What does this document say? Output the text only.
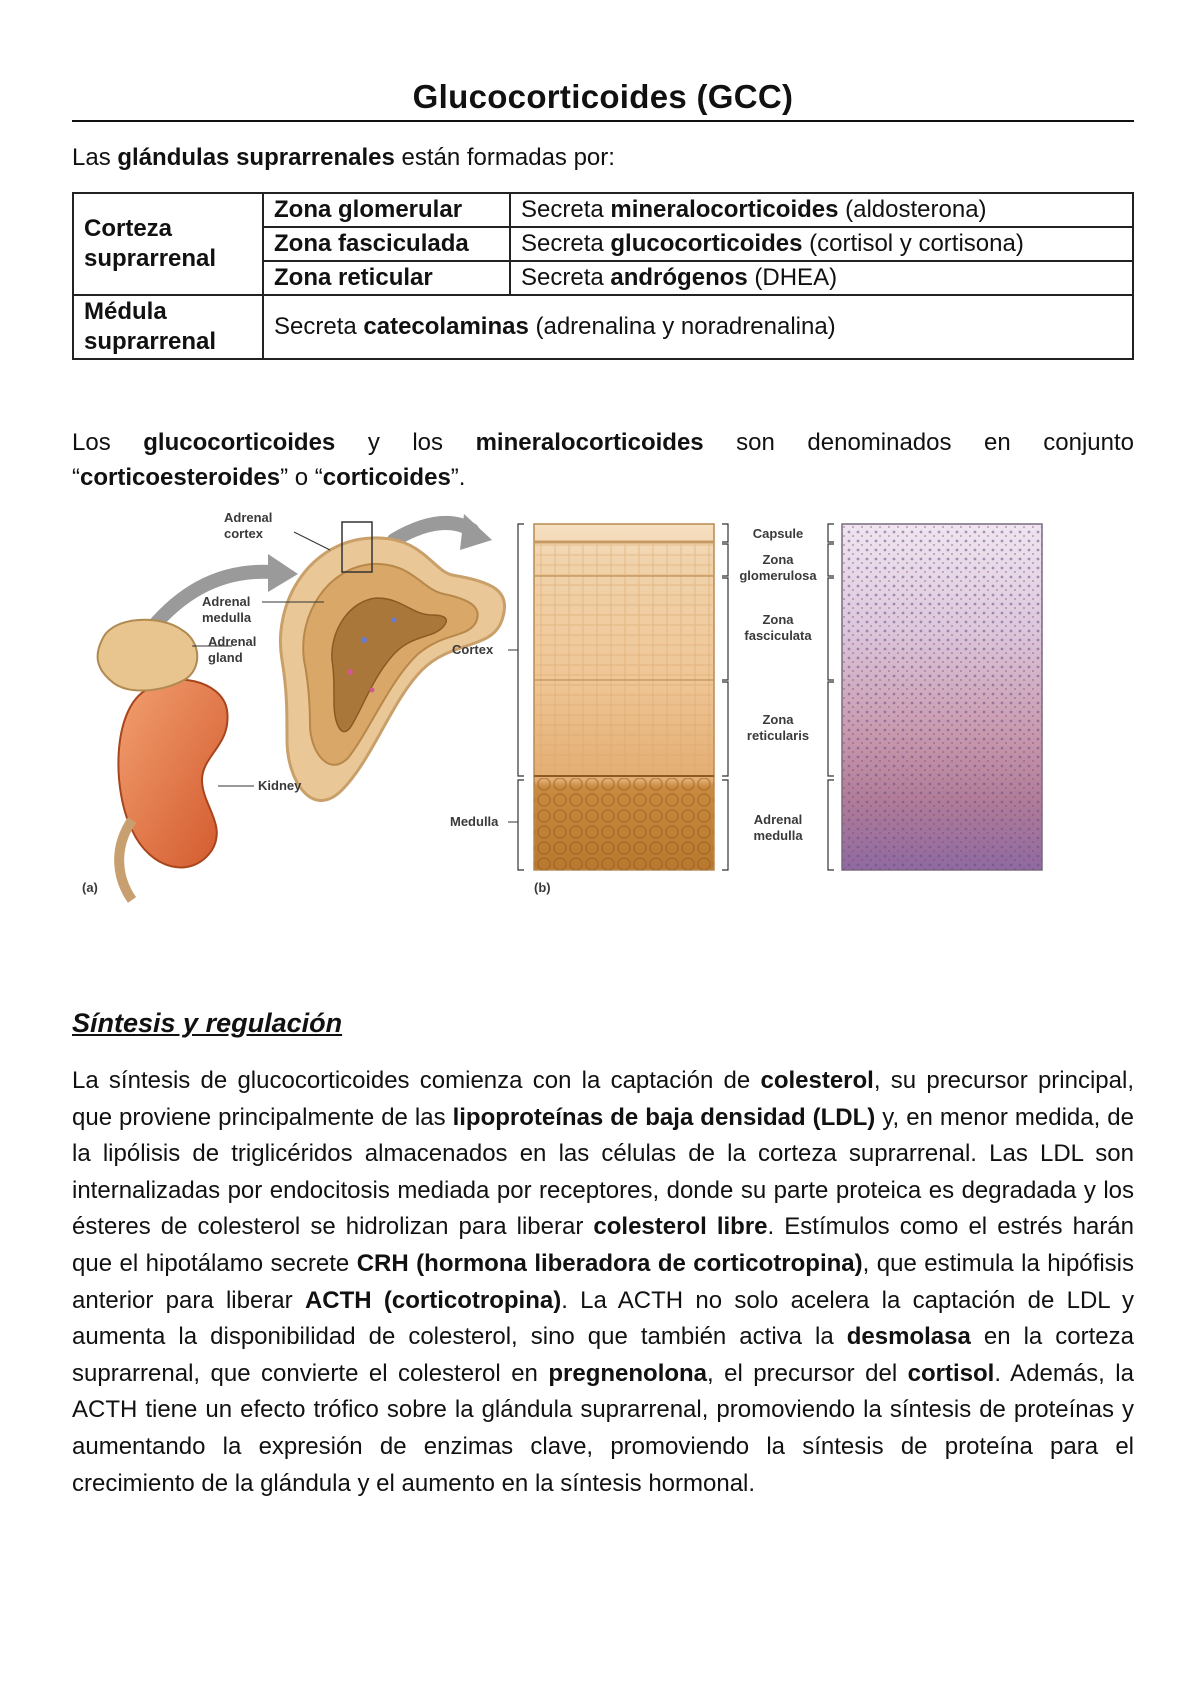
Glucocorticoides (GCC)
Las glándulas suprarrenales están formadas por:
Corteza suprarrenal	Zona glomerular	Secreta mineralocorticoides (aldosterona)
	Zona fasciculada	Secreta glucocorticoides (cortisol y cortisona)
	Zona reticular	Secreta andrógenos (DHEA)
Médula suprarrenal	Secreta catecolaminas (adrenalina y noradrenalina)	
Los glucocorticoides y los mineralocorticoides son denominados en conjunto “corticoesteroides” o “corticoides”.
Adrenal
cortex
Adrenal
medulla
Adrenal
gland
Kidney
(a)
Cortex
Medulla
Capsule
Zona
glomerulosa
Zona
fasciculata
Zona
reticularis
Adrenal
medulla
(b)
Síntesis y regulación
La síntesis de glucocorticoides comienza con la captación de colesterol, su precursor principal, que proviene principalmente de las lipoproteínas de baja densidad (LDL) y, en menor medida, de la lipólisis de triglicéridos almacenados en las células de la corteza suprarrenal. Las LDL son internalizadas por endocitosis mediada por receptores, donde su parte proteica es degradada y los ésteres de colesterol se hidrolizan para liberar colesterol libre. Estímulos como el estrés harán que el hipotálamo secrete CRH (hormona liberadora de corticotropina), que estimula la hipófisis anterior para liberar ACTH (corticotropina). La ACTH no solo acelera la captación de LDL y aumenta la disponibilidad de colesterol, sino que también activa la desmolasa en la corteza suprarrenal, que convierte el colesterol en pregnenolona, el precursor del cortisol. Además, la ACTH tiene un efecto trófico sobre la glándula suprarrenal, promoviendo la síntesis de proteínas y aumentando la expresión de enzimas clave, promoviendo la síntesis de proteína para el crecimiento de la glándula y el aumento en la síntesis hormonal.
